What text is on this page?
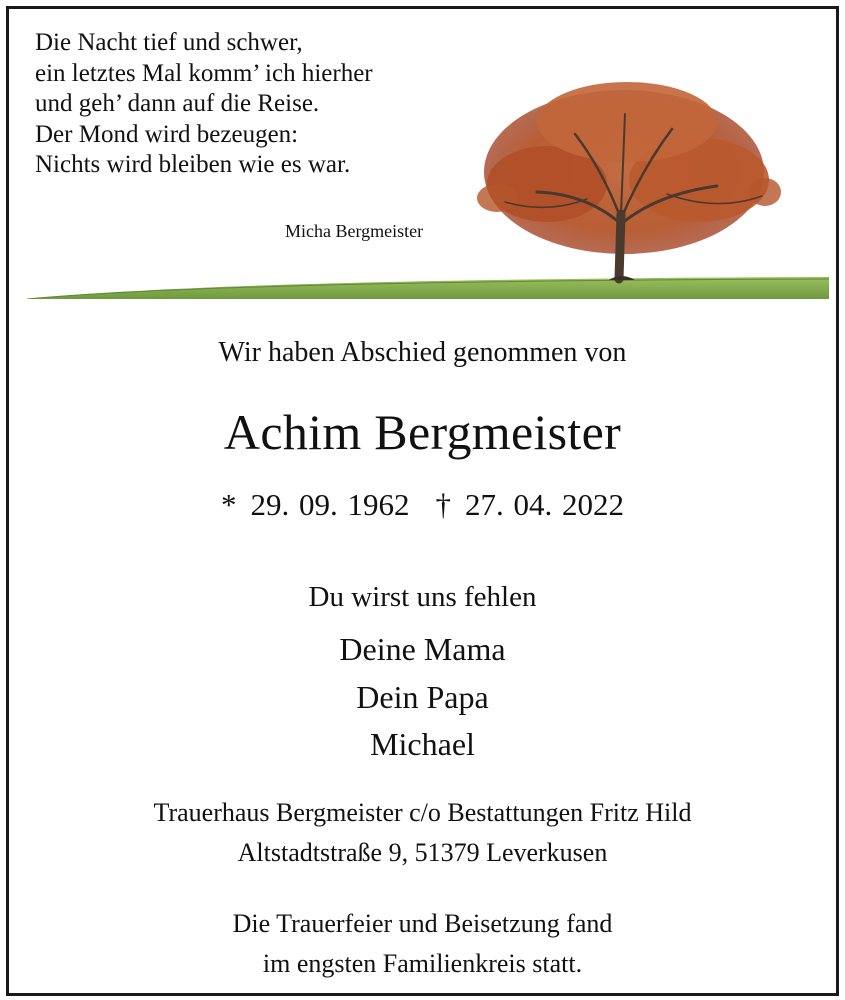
Die Nacht tief und schwer,
ein letztes Mal komm’ ich hierher
und geh’ dann auf die Reise.
Der Mond wird bezeugen:
Nichts wird bleiben wie es war.
Micha Bergmeister
Wir haben Abschied genommen von
Achim Bergmeister
* 29. 09. 1962 † 27. 04. 2022
Du wirst uns fehlen
Deine Mama
Dein Papa
Michael
Trauerhaus Bergmeister c/o Bestattungen Fritz Hild
Altstadtstraße 9, 51379 Leverkusen
Die Trauerfeier und Beisetzung fand
im engsten Familienkreis statt.
